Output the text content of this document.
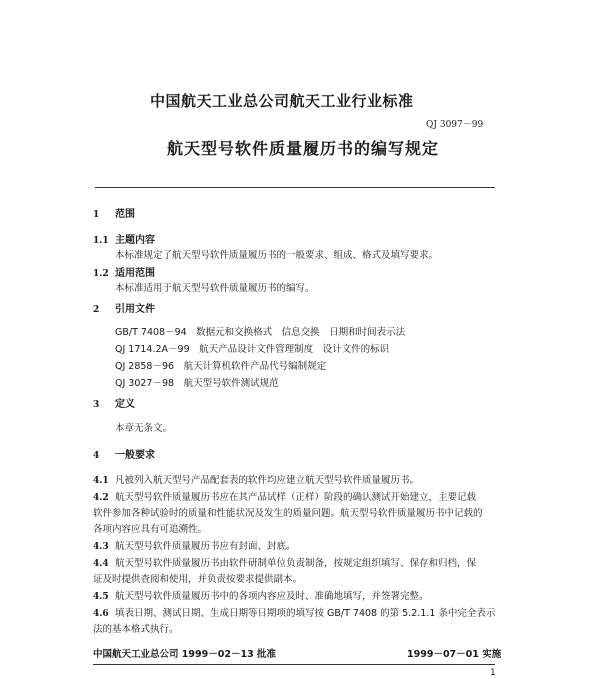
中国航天工业总公司航天工业行业标准
QJ 3097－99
航天型号软件质量履历书的编写规定
1 范围
1.1 主题内容
本标准规定了航天型号软件质量履历书的一般要求、组成、格式及填写要求。
1.2 适用范围
本标准适用于航天型号软件质量履历书的编写。
2 引用文件
GB/T 7408－94　数据元和交换格式　信息交换　日期和时间表示法
QJ 1714.2A－99　航天产品设计文件管理制度　设计文件的标识
QJ 2858－96　航天计算机软件产品代号编制规定
QJ 3027－98　航天型号软件测试规范
3 定义
本章无条文。
4 一般要求
4.1 凡被列入航天型号产品配套表的软件均应建立航天型号软件质量履历书。
4.2 航天型号软件质量履历书应在其产品试样（正样）阶段的确认测试开始建立，主要记载
软件参加各种试验时的质量和性能状况及发生的质量问题。航天型号软件质量履历书中记载的
各项内容应具有可追溯性。
4.3 航天型号软件质量履历书应有封面、封底。
4.4 航天型号软件质量履历书由软件研制单位负责制备，按规定组织填写、保存和归档，保
证及时提供查阅和使用，并负责按要求提供副本。
4.5 航天型号软件质量履历书中的各项内容应及时、准确地填写，并签署完整。
4.6 填表日期、测试日期、生成日期等日期项的填写按 GB/T 7408 的第 5.2.1.1 条中完全表示
法的基本格式执行。
中国航天工业总公司 1999－02－13 批准	1999－07－01 实施
1
